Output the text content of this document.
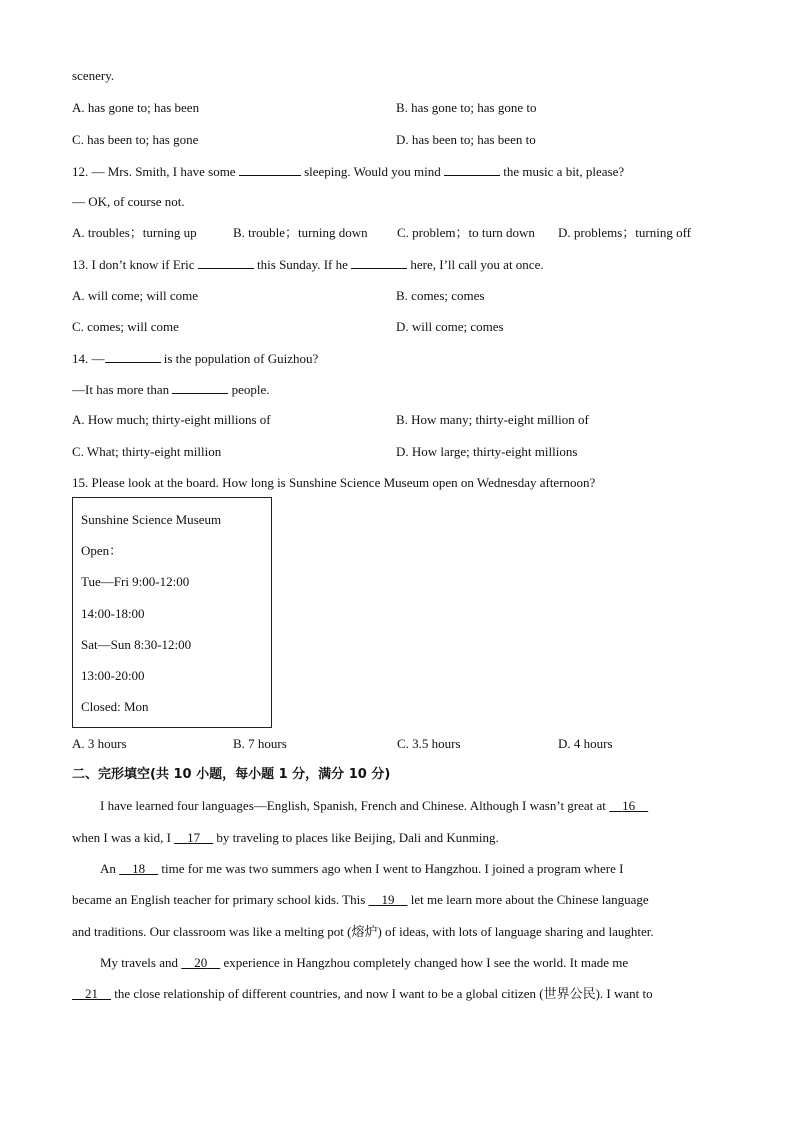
scenery.
A. has gone to; has been	B. has gone to; has gone to
C. has been to; has gone	D. has been to; has been to
12. — Mrs. Smith, I have some	sleeping. Would you mind	the music a bit, please?
— OK, of course not.
A. troubles；turning up	B. trouble；turning down C. problem；to turn down D. problems；turning off
13. I don’t know if Eric	this Sunday. If he	here, I’ll call you at once.
A. will come; will come	B. comes; comes
C. comes; will come	D. will come; comes
14. —	is the population of Guizhou?
—It has more than	people.
A. How much; thirty-eight millions of	B. How many; thirty-eight million of
C. What; thirty-eight million	D. How large; thirty-eight millions
15. Please look at the board. How long is Sunshine Science Museum open on Wednesday afternoon?
Sunshine Science Museum
Open：
Tue—Fri 9:00-12:00
14:00-18:00
Sat—Sun 8:30-12:00
13:00-20:00
Closed: Mon
A. 3 hours	B. 7 hours	C. 3.5 hours	D. 4 hours
二、完形填空(共 10 小题，每小题 1 分，满分 10 分)
I have learned four languages—English, Spanish, French and Chinese. Although I wasn’t great at 16
when I was a kid, I 17 by traveling to places like Beijing, Dali and Kunming.
An 18 time for me was two summers ago when I went to Hangzhou. I joined a program where I
became an English teacher for primary school kids. This 19 let me learn more about the Chinese language
and traditions. Our classroom was like a melting pot (熔炉) of ideas, with lots of language sharing and laughter.
My travels and 20 experience in Hangzhou completely changed how I see the world. It made me
21 the close relationship of different countries, and now I want to be a global citizen (世界公民). I want to
